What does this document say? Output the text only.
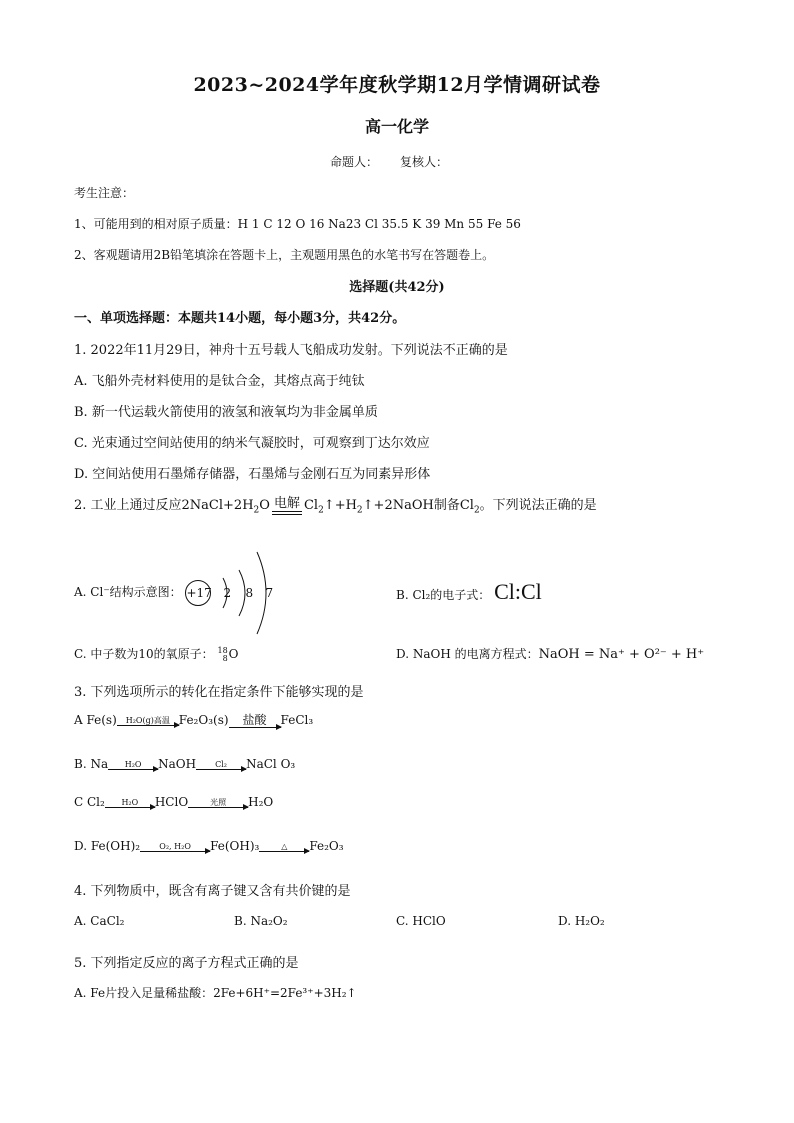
2023~2024学年度秋学期12月学情调研试卷
高一化学
命题人： 复核人：
考生注意：
1、可能用到的相对原子质量：H 1 C 12 O 16 Na23 Cl 35.5 K 39 Mn 55 Fe 56
2、客观题请用2B铅笔填涂在答题卡上，主观题用黑色的水笔书写在答题卷上。
选择题(共42分)
一、单项选择题：本题共14小题，每小题3分，共42分。
1. 2022年11月29日，神舟十五号载人飞船成功发射。下列说法不正确的是
A. 飞船外壳材料使用的是钛合金，其熔点高于纯钛
B. 新一代运载火箭使用的液氢和液氧均为非金属单质
C. 光束通过空间站使用的纳米气凝胶时，可观察到丁达尔效应
D. 空间站使用石墨烯存储器，石墨烯与金刚石互为同素异形体
2. 工业上通过反应$2NaCl+2H_2O$ 电解 $Cl_2↑+H_2↑+2NaOH$制备$Cl_2$。下列说法正确的是
A. Cl⁻结构示意图： +17 2 8 7	B. Cl₂的电子式： Cl:Cl
C. 中子数为10的氧原子： 18
8O	D. NaOH 的电离方程式：NaOH = Na⁺ + O²⁻ + H⁺
3. 下列选项所示的转化在指定条件下能够实现的是
A Fe(s)	H₂O(g)高温 Fe₂O₃(s)	盐酸	FeCl₃
B. Na	H₂O	NaOH	Cl₂	NaCl O₃
C Cl₂	H₂O	HClO	光照	H₂O
D. Fe(OH)₂	O₂, H₂O	Fe(OH)₃	△	Fe₂O₃
4. 下列物质中，既含有离子键又含有共价键的是
A. CaCl₂	B. Na₂O₂	C. HClO	D. H₂O₂
5. 下列指定反应的离子方程式正确的是
A. Fe片投入足量稀盐酸：2Fe+6H⁺=2Fe³⁺+3H₂↑
